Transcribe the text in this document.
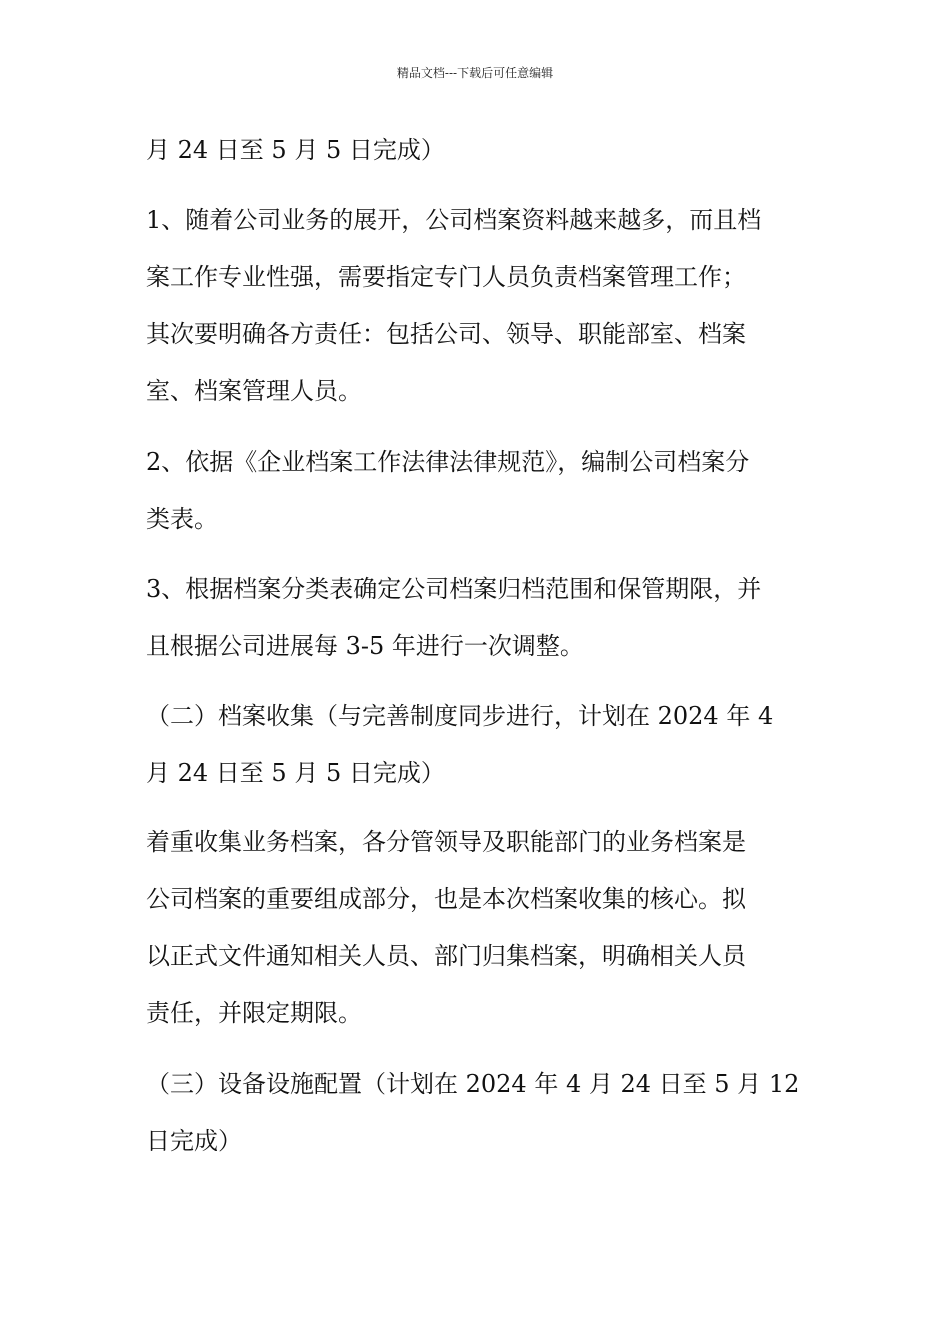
精品文档---下载后可任意编辑
月 24 日至 5 月 5 日完成）
1、随着公司业务的展开，公司档案资料越来越多，而且档
案工作专业性强，需要指定专门人员负责档案管理工作；
其次要明确各方责任：包括公司、领导、职能部室、档案
室、档案管理人员。
2、依据《企业档案工作法律法律规范》，编制公司档案分
类表。
3、根据档案分类表确定公司档案归档范围和保管期限，并
且根据公司进展每 3-5 年进行一次调整。
（二）档案收集（与完善制度同步进行，计划在 2024 年 4
月 24 日至 5 月 5 日完成）
着重收集业务档案，各分管领导及职能部门的业务档案是
公司档案的重要组成部分，也是本次档案收集的核心。拟
以正式文件通知相关人员、部门归集档案，明确相关人员
责任，并限定期限。
（三）设备设施配置（计划在 2024 年 4 月 24 日至 5 月 12
日完成）
